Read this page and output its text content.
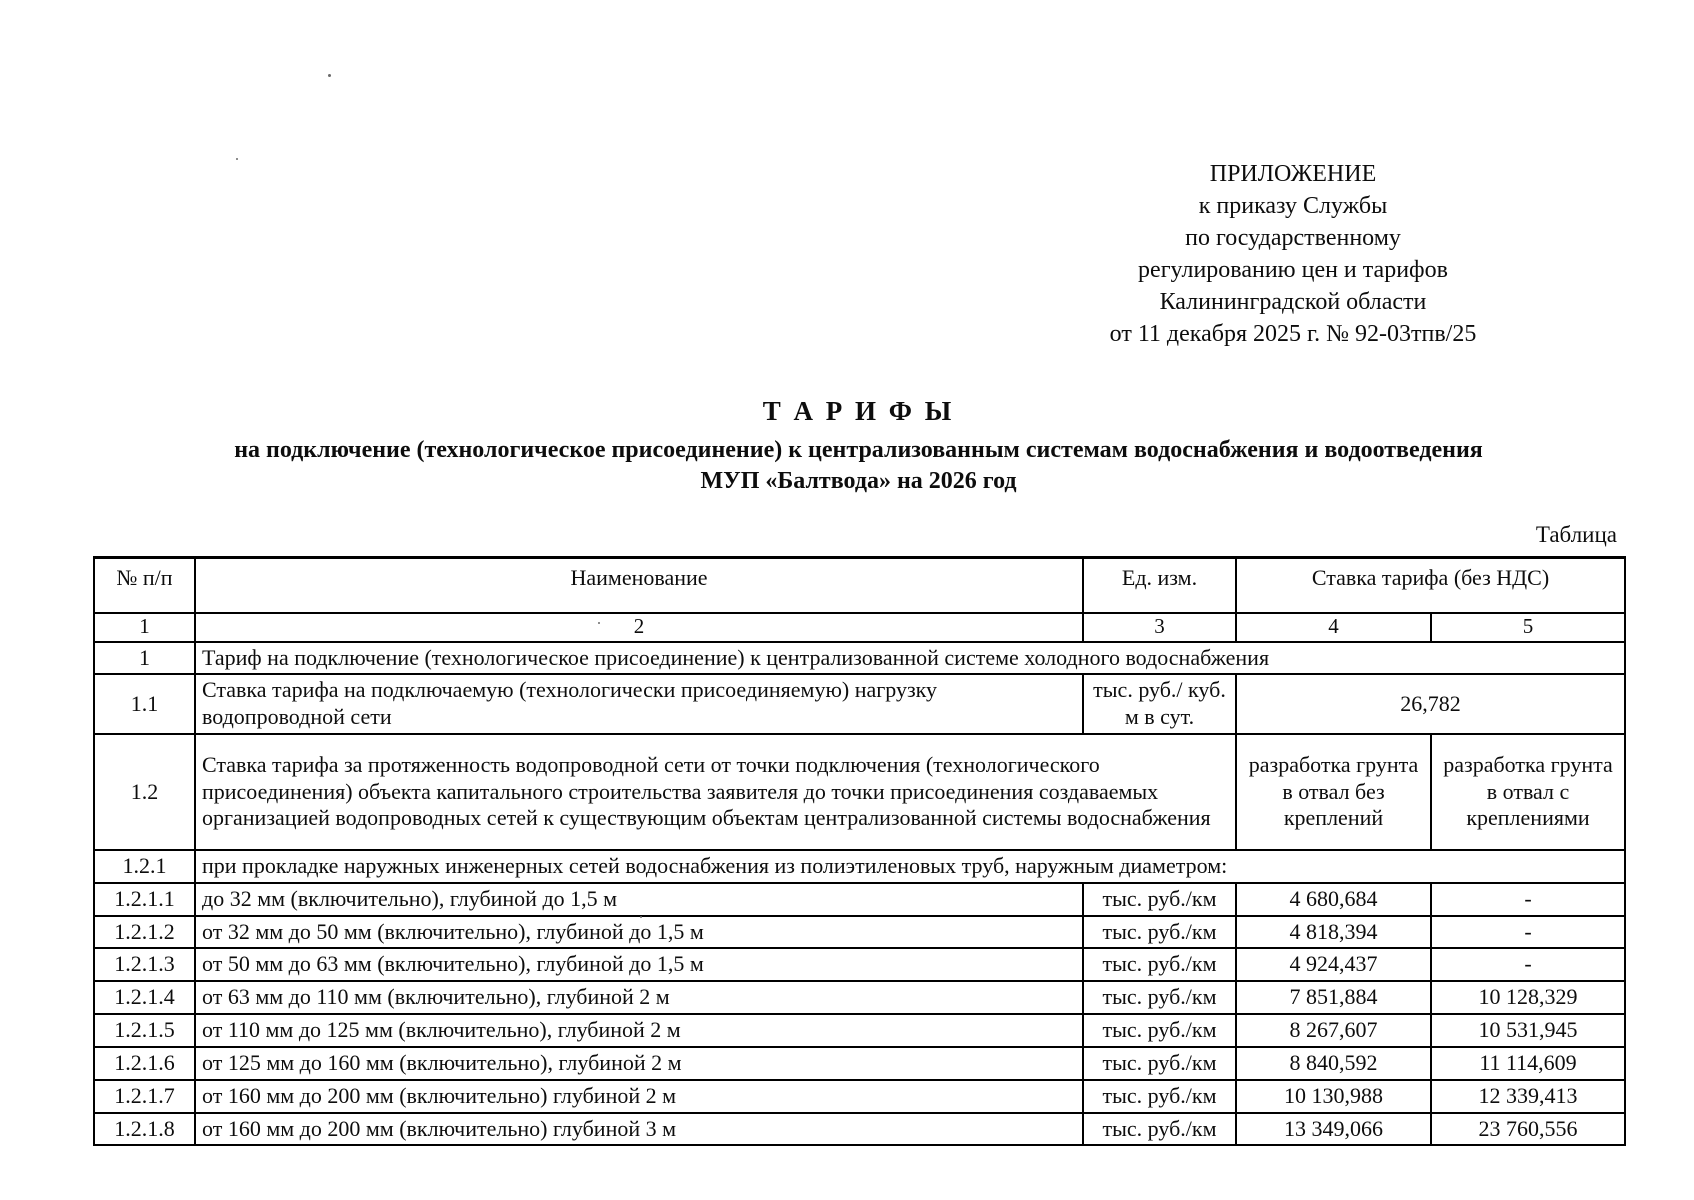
ПРИЛОЖЕНИЕ
к приказу Службы
по государственному
регулированию цен и тарифов
Калининградской области
от 11 декабря 2025 г. № 92-03тпв/25
Т А Р И Ф Ы
на подключение (технологическое присоединение) к централизованным системам водоснабжения и водоотведения
МУП «Балтвода» на 2026 год
Таблица
№ п/п	Наименование	Ед. изм.	Ставка тарифа (без НДС)	
1	2	3	4	5
1	Тариф на подключение (технологическое присоединение) к централизованной системе холодного водоснабжения			
1.1	Ставка тарифа на подключаемую (технологически присоединяемую) нагрузку водопроводной сети	тыс. руб./ куб. м в сут.	26,782	
1.2	Ставка тарифа за протяженность водопроводной сети от точки подключения (технологического присоединения) объекта капитального строительства заявителя до точки присоединения создаваемых организацией водопроводных сетей к существующим объектам централизованной системы водоснабжения		разработка грунта в отвал без креплений	разработка грунта в отвал с креплениями
1.2.1	при прокладке наружных инженерных сетей водоснабжения из полиэтиленовых труб, наружным диаметром:			
1.2.1.1	до 32 мм (включительно), глубиной до 1,5 м	тыс. руб./км	4 680,684	-
1.2.1.2	от 32 мм до 50 мм (включительно), глубиной до 1,5 м	тыс. руб./км	4 818,394	-
1.2.1.3	от 50 мм до 63 мм (включительно), глубиной до 1,5 м	тыс. руб./км	4 924,437	-
1.2.1.4	от 63 мм до 110 мм (включительно), глубиной 2 м	тыс. руб./км	7 851,884	10 128,329
1.2.1.5	от 110 мм до 125 мм (включительно), глубиной 2 м	тыс. руб./км	8 267,607	10 531,945
1.2.1.6	от 125 мм до 160 мм (включительно), глубиной 2 м	тыс. руб./км	8 840,592	11 114,609
1.2.1.7	от 160 мм до 200 мм (включительно) глубиной 2 м	тыс. руб./км	10 130,988	12 339,413
1.2.1.8	от 160 мм до 200 мм (включительно) глубиной 3 м	тыс. руб./км	13 349,066	23 760,556
